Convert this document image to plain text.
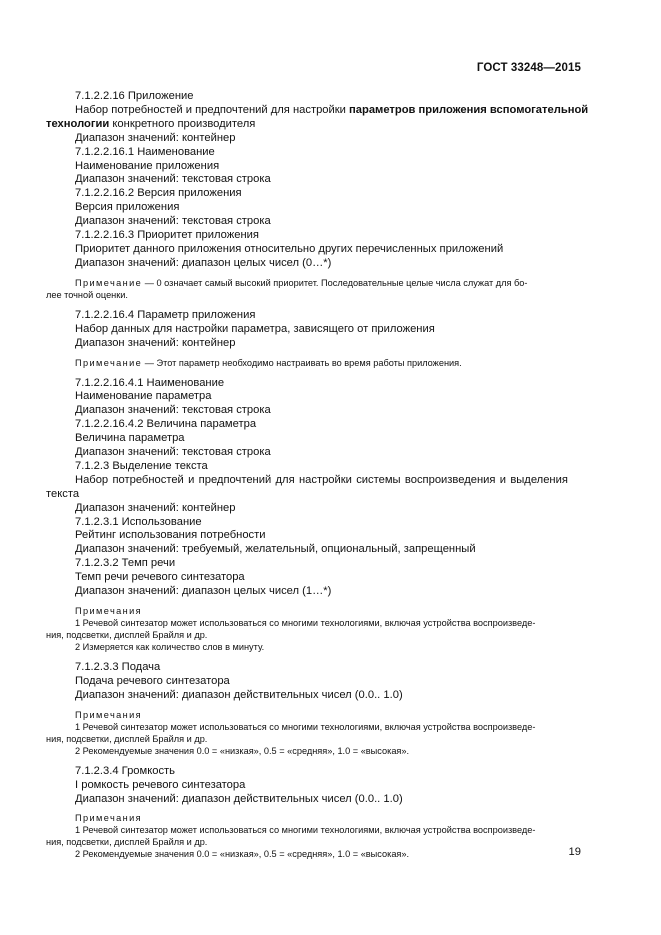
ГОСТ 33248—2015

7.1.2.2.16 Приложение

Набор потребностей и предпочтений для настройки параметров приложения вспомогательной

технологии конкретного производителя

Диапазон значений: контейнер

7.1.2.2.16.1 Наименование

Наименование приложения

Диапазон значений: текстовая строка

7.1.2.2.16.2 Версия приложения

Версия приложения

Диапазон значений: текстовая строка

7.1.2.2.16.3 Приоритет приложения

Приоритет данного приложения относительно других перечисленных приложений

Диапазон значений: диапазон целых чисел (0…*)

Примечание — 0 означает самый высокий приоритет. Последовательные целые числа служат для бо-

лее точной оценки.

7.1.2.2.16.4 Параметр приложения

Набор данных для настройки параметра, зависящего от приложения

Диапазон значений: контейнер

Примечание — Этот параметр необходимо настраивать во время работы приложения.

7.1.2.2.16.4.1 Наименование

Наименование параметра

Диапазон значений: текстовая строка

7.1.2.2.16.4.2 Величина параметра

Величина параметра

Диапазон значений: текстовая строка

7.1.2.3 Выделение текста

Набор потребностей и предпочтений для настройки системы воспроизведения и выделения

текста

Диапазон значений: контейнер

7.1.2.3.1 Использование

Рейтинг использования потребности

Диапазон значений: требуемый, желательный, опциональный, запрещенный

7.1.2.3.2 Темп речи

Темп речи речевого синтезатора

Диапазон значений: диапазон целых чисел (1…*)

Примечания

1 Речевой синтезатор может использоваться со многими технологиями, включая устройства воспроизведе-

ния, подсветки, дисплей Брайля и др.

2 Измеряется как количество слов в минуту.

7.1.2.3.3 Подача

Подача речевого синтезатора

Диапазон значений: диапазон действительных чисел (0.0.. 1.0)

Примечания

1 Речевой синтезатор может использоваться со многими технологиями, включая устройства воспроизведе-

ния, подсветки, дисплей Брайля и др.

2 Рекомендуемые значения 0.0 = «низкая», 0.5 = «средняя», 1.0 = «высокая».

7.1.2.3.4 Громкость

I ромкость речевого синтезатора

Диапазон значений: диапазон действительных чисел (0.0.. 1.0)

Примечания

1 Речевой синтезатор может использоваться со многими технологиями, включая устройства воспроизведе-

ния, подсветки, дисплей Брайля и др.

2 Рекомендуемые значения 0.0 = «низкая», 0.5 = «средняя», 1.0 = «высокая».	19
